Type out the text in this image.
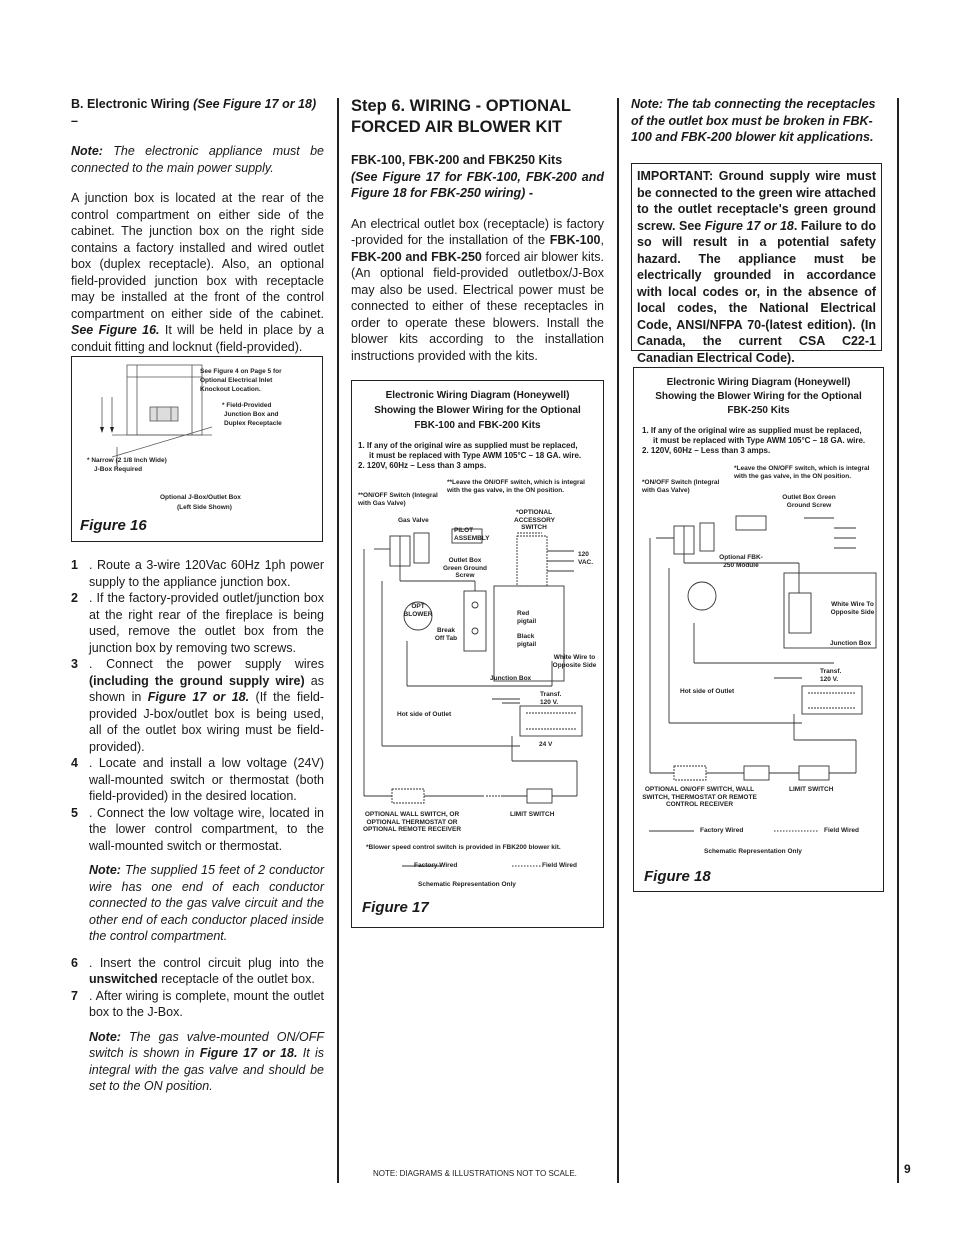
B. Electronic Wiring (See Figure 17 or 18) –

Note: The electronic appliance must be connected to the main power supply.

A junction box is located at the rear of the control compartment on either side of the cabinet. The junction box on the right side contains a factory installed and wired outlet box (duplex receptacle). Also, an optional field-provided junction box with receptacle may be installed at the front of the control compartment on either side of the cabinet. See Figure 16. It will be held in place by a conduit fitting and locknut (field-provided).

See Figure 4 on Page 5 for
Optional Electrical Inlet
Knockout Location.
* Field-Provided
Junction Box and
Duplex Receptacle
* Narrow (2 1/8 Inch Wide)
J-Box Required
Optional J-Box/Outlet Box
(Left Side Shown)
Figure 16
1 . Route a 3-wire 120Vac 60Hz 1ph power supply to the appliance junction box.
2 . If the factory-provided outlet/junction box at the right rear of the fireplace is being used, remove the outlet box from the junction box by removing two screws.
3 . Connect the power supply wires (including the ground supply wire) as shown in Figure 17 or 18. (If the field-provided J-box/outlet box is being used, all of the outlet box wiring must be field-provided).
4 . Locate and install a low voltage (24V) wall-mounted switch or thermostat (both field-provided) in the desired location.
5 . Connect the low voltage wire, located in the lower control compartment, to the wall-mounted switch or thermostat.
Note: The supplied 15 feet of 2 conductor wire has one end of each conductor connected to the gas valve circuit and the other end of each conductor placed inside the control compartment.
6 . Insert the control circuit plug into the unswitched receptacle of the outlet box.
7 . After wiring is complete, mount the outlet box to the J-Box.
Note: The gas valve-mounted ON/OFF switch is shown in Figure 17 or 18. It is integral with the gas valve and should be set to the ON position.
Step 6. WIRING - OPTIONAL FORCED AIR BLOWER KIT

FBK-100, FBK-200 and FBK250 Kits
(See Figure 17 for FBK-100, FBK-200 and Figure 18 for FBK-250 wiring) -

An electrical outlet box (receptacle) is factory -provided for the installation of the FBK-100, FBK-200 and FBK-250 forced air blower kits. (An optional field-provided outletbox/J-Box may also be used. Electrical power must be connected to either of these receptacles in order to operate these blowers. Install the blower kits according to the installation instructions provided with the kits.

Electronic Wiring Diagram (Honeywell)
Showing the Blower Wiring for the Optional
FBK-100 and FBK-200 Kits
1. If any of the original wire as supplied must be replaced,
it must be replaced with Type AWM 105°C – 18 GA. wire.
2. 120V, 60Hz – Less than 3 amps.
**Leave the ON/OFF switch, which is integral with the gas valve, in the ON position.
**ON/OFF Switch (Integral with Gas Valve)
*OPTIONAL ACCESSORY SWITCH
Gas Valve
PILOT ASSEMBLY
Outlet Box Green Ground Screw
OPT BLOWER
Break Off Tab
Red pigtail
Black pigtail
White Wire to Opposite Side
Junction Box
Transf. 120 V.
Hot side of Outlet
24 V
120 VAC.
OPTIONAL WALL SWITCH, OR OPTIONAL THERMOSTAT OR OPTIONAL REMOTE RECEIVER
LIMIT SWITCH
*Blower speed control switch is provided in FBK200 blower kit.
Factory Wired	Field Wired
Schematic Representation Only
Figure 17
NOTE: DIAGRAMS & ILLUSTRATIONS NOT TO SCALE.

Note: The tab connecting the receptacles of the outlet box must be broken in FBK-100 and FBK-200 blower kit applications.

IMPORTANT: Ground supply wire must be connected to the green wire attached to the outlet receptacle's green ground screw. See Figure 17 or 18. Failure to do so will result in a potential safety hazard. The appliance must be electrically grounded in accordance with local codes or, in the absence of local codes, the National Electrical Code, ANSI/NFPA 70-(latest edition). (In Canada, the current CSA C22-1 Canadian Electrical Code).
Electronic Wiring Diagram (Honeywell)
Showing the Blower Wiring for the Optional
FBK-250 Kits
1. If any of the original wire as supplied must be replaced,
it must be replaced with Type AWM 105°C – 18 GA. wire.
2. 120V, 60Hz – Less than 3 amps.
*Leave the ON/OFF switch, which is integral with the gas valve, in the ON position.
*ON/OFF Switch (Integral with Gas Valve)
Outlet Box Green Ground Screw
Optional FBK-250 Module
White Wire To Opposite Side
Junction Box
Transf. 120 V.
Hot side of Outlet
OPTIONAL ON/OFF SWITCH, WALL SWITCH, THERMOSTAT OR REMOTE CONTROL RECEIVER
LIMIT SWITCH
Factory Wired	Field Wired
Schematic Representation Only
Figure 18
9
